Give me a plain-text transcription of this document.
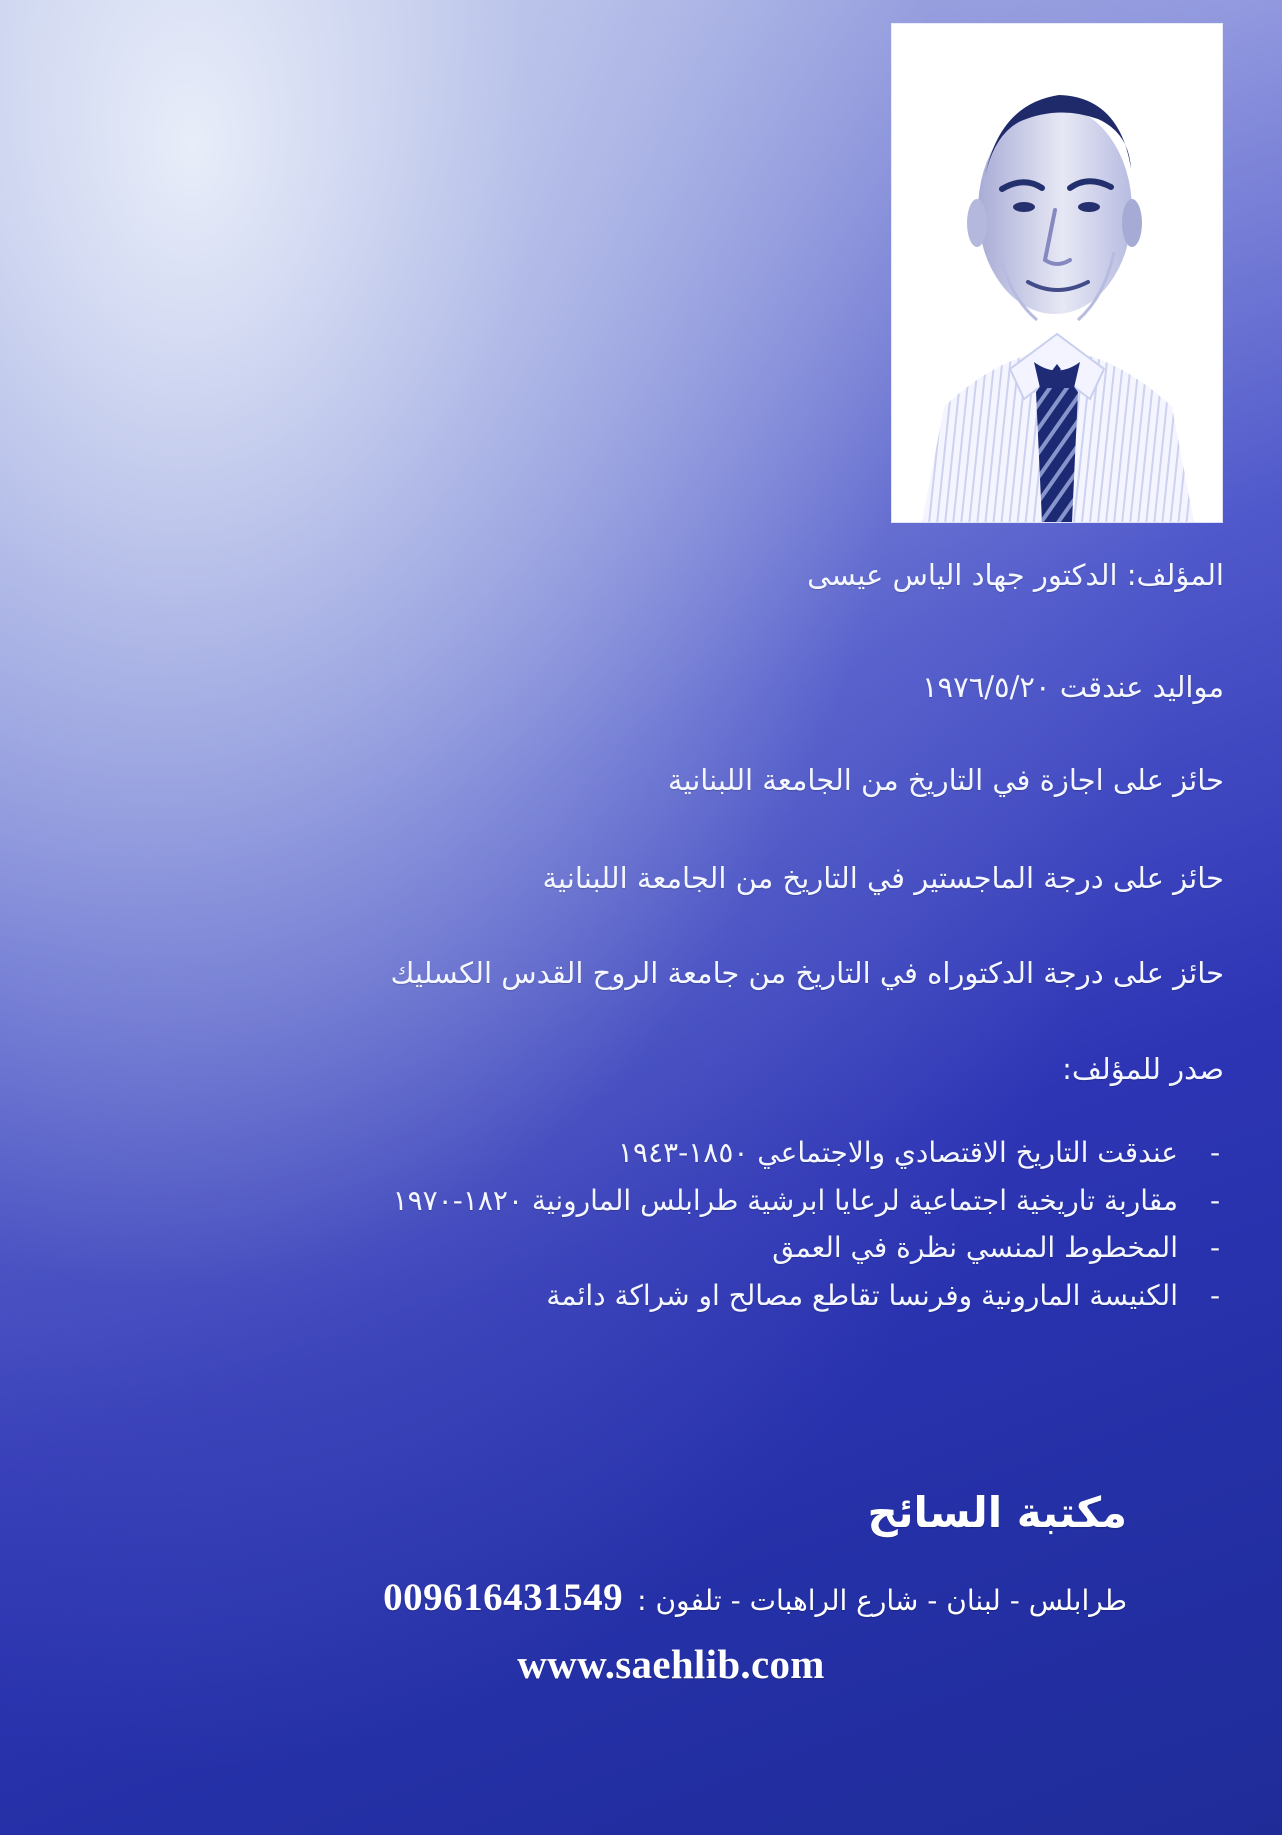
المؤلف: الدكتور جهاد الياس عيسى
مواليد عندقت ١٩٧٦/٥/٢٠
حائز على اجازة في التاريخ من الجامعة اللبنانية
حائز على درجة الماجستير في التاريخ من الجامعة اللبنانية
حائز على درجة الدكتوراه في التاريخ من جامعة الروح القدس الكسليك
صدر للمؤلف:
-
عندقت التاريخ الاقتصادي والاجتماعي ١٨٥٠-١٩٤٣
-
مقاربة تاريخية اجتماعية لرعايا ابرشية طرابلس المارونية ١٨٢٠-١٩٧٠
-
المخطوط المنسي نظرة في العمق
-
الكنيسة المارونية وفرنسا تقاطع مصالح او شراكة دائمة
مكتبة السائح
طرابلس - لبنان - شارع الراهبات - تلفون :
009616431549
www.saehlib.com
